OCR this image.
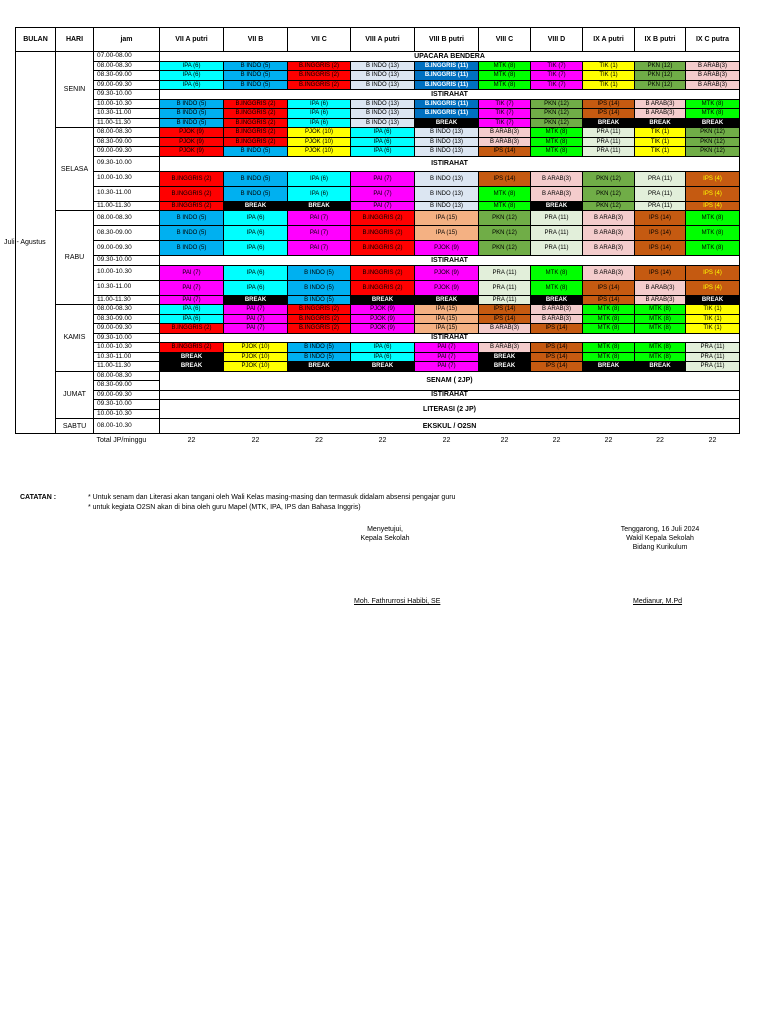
BULAN	HARI	jam	VII A putri	VII B	VII C	VIII A putri	VIII B putri	VIII C	VIII D	IX A putri	IX B putri	IX C putra

Juli - Agustus	SENIN	07.00-08.00	UPACARA BENDERA									
		08.00-08.30	IPA (6)	B INDO (5)	B.INGGRIS (2)	B INDO (13)	B.INGGRIS (11)	MTK (8)	TIK (7)	TIK (1)	PKN (12)	B ARAB(3)
		08.30-09.00	IPA (6)	B INDO (5)	B.INGGRIS (2)	B INDO (13)	B.INGGRIS (11)	MTK (8)	TIK (7)	TIK (1)	PKN (12)	B ARAB(3)
		09.00-09.30	IPA (6)	B INDO (5)	B.INGGRIS (2)	B INDO (13)	B.INGGRIS (11)	MTK (8)	TIK (7)	TIK (1)	PKN (12)	B ARAB(3)
		09.30-10.00	ISTIRAHAT									
		10.00-10.30	B INDO (5)	B.INGGRIS (2)	IPA (6)	B INDO (13)	B.INGGRIS (11)	TIK (7)	PKN (12)	IPS (14)	B ARAB(3)	MTK (8)
		10.30-11.00	B INDO (5)	B.INGGRIS (2)	IPA (6)	B INDO (13)	B.INGGRIS (11)	TIK (7)	PKN (12)	IPS (14)	B ARAB(3)	MTK (8)
		11.00-11.30	B INDO (5)	B.INGGRIS (2)	IPA (6)	B INDO (13)	BREAK	TIK (7)	PKN (12)	BREAK	BREAK	BREAK
	SELASA	08.00-08.30	PJOK (9)	B.INGGRIS (2)	PJOK (10)	IPA (6)	B INDO (13)	B ARAB(3)	MTK (8)	PRA (11)	TIK (1)	PKN (12)
		08.30-09.00	PJOK (9)	B.INGGRIS (2)	PJOK (10)	IPA (6)	B INDO (13)	B ARAB(3)	MTK (8)	PRA (11)	TIK (1)	PKN (12)
		09.00-09.30	PJOK (9)	B INDO (5)	PJOK (10)	IPA (6)	B INDO (13)	IPS (14)	MTK (8)	PRA (11)	TIK (1)	PKN (12)
		09.30-10.00	ISTIRAHAT									
		10.00-10.30	B.INGGRIS (2)	B INDO (5)	IPA (6)	PAI (7)	B INDO (13)	IPS (14)	B ARAB(3)	PKN (12)	PRA (11)	IPS (4)
		10.30-11.00	B.INGGRIS (2)	B INDO (5)	IPA (6)	PAI (7)	B INDO (13)	MTK (8)	B ARAB(3)	PKN (12)	PRA (11)	IPS (4)
		11.00-11.30	B.INGGRIS (2)	BREAK	BREAK	PAI (7)	B INDO (13)	MTK (8)	BREAK	PKN (12)	PRA (11)	IPS (4)
	RABU	08.00-08.30	B INDO (5)	IPA (6)	PAI (7)	B.INGGRIS (2)	IPA (15)	PKN (12)	PRA (11)	B ARAB(3)	IPS (14)	MTK (8)
		08.30-09.00	B INDO (5)	IPA (6)	PAI (7)	B.INGGRIS (2)	IPA (15)	PKN (12)	PRA (11)	B ARAB(3)	IPS (14)	MTK (8)
		09.00-09.30	B INDO (5)	IPA (6)	PAI (7)	B.INGGRIS (2)	PJOK (9)	PKN (12)	PRA (11)	B ARAB(3)	IPS (14)	MTK (8)
		09.30-10.00	ISTIRAHAT									
		10.00-10.30	PAI (7)	IPA (6)	B INDO (5)	B.INGGRIS (2)	PJOK (9)	PRA (11)	MTK (8)	B ARAB(3)	IPS (14)	IPS (4)
		10.30-11.00	PAI (7)	IPA (6)	B INDO (5)	B.INGGRIS (2)	PJOK (9)	PRA (11)	MTK (8)	IPS (14)	B ARAB(3)	IPS (4)
		11.00-11.30	PAI (7)	BREAK	B INDO (5)	BREAK	BREAK	PRA (11)	BREAK	IPS (14)	B ARAB(3)	BREAK
	KAMIS	08.00-08.30	IPA (6)	PAI (7)	B.INGGRIS (2)	PJOK (9)	IPA (15)	IPS (14)	B ARAB(3)	MTK (8)	MTK (8)	TIK (1)
		08.30-09.00	IPA (6)	PAI (7)	B.INGGRIS (2)	PJOK (9)	IPA (15)	IPS (14)	B ARAB(3)	MTK (8)	MTK (8)	TIK (1)
		09.00-09.30	B.INGGRIS (2)	PAI (7)	B.INGGRIS (2)	PJOK (9)	IPA (15)	B ARAB(3)	IPS (14)	MTK (8)	MTK (8)	TIK (1)
		09.30-10.00	ISTIRAHAT									
		10.00-10.30	B.INGGRIS (2)	PJOK (10)	B INDO (5)	IPA (6)	PAI (7)	B ARAB(3)	IPS (14)	MTK (8)	MTK (8)	PRA (11)
		10.30-11.00	BREAK	PJOK (10)	B INDO (5)	IPA (6)	PAI (7)	BREAK	IPS (14)	MTK (8)	MTK (8)	PRA (11)
		11.00-11.30	BREAK	PJOK (10)	BREAK	BREAK	PAI (7)	BREAK	IPS (14)	BREAK	BREAK	PRA (11)
	JUMAT	08.00-08.30	SENAM ( 2JP)									
		08.30-09.00										
		09.00-09.30	ISTIRAHAT									
		09.30-10.00	LITERASI (2 JP)									
		10.00-10.30										
	SABTU	08.00-10.30	EKSKUL / O2SN									
		Total JP/minggu	22	22	22	22	22	22	22	22	22	22
CATATAN :	* Untuk senam dan Literasi akan tangani oleh Wali Kelas masing-masing dan termasuk didalam absensi pengajar guru
* untuk kegiata O2SN akan di bina oleh guru Mapel (MTK, IPA, IPS dan Bahasa Inggris)
Menyetujui,
Kepala Sekolah
Moh. Fathrurrosi Habibi, SE
Tenggarong, 16 Juli 2024
Wakil Kepala Sekolah
Bidang Kurikulum
Medianur, M.Pd
